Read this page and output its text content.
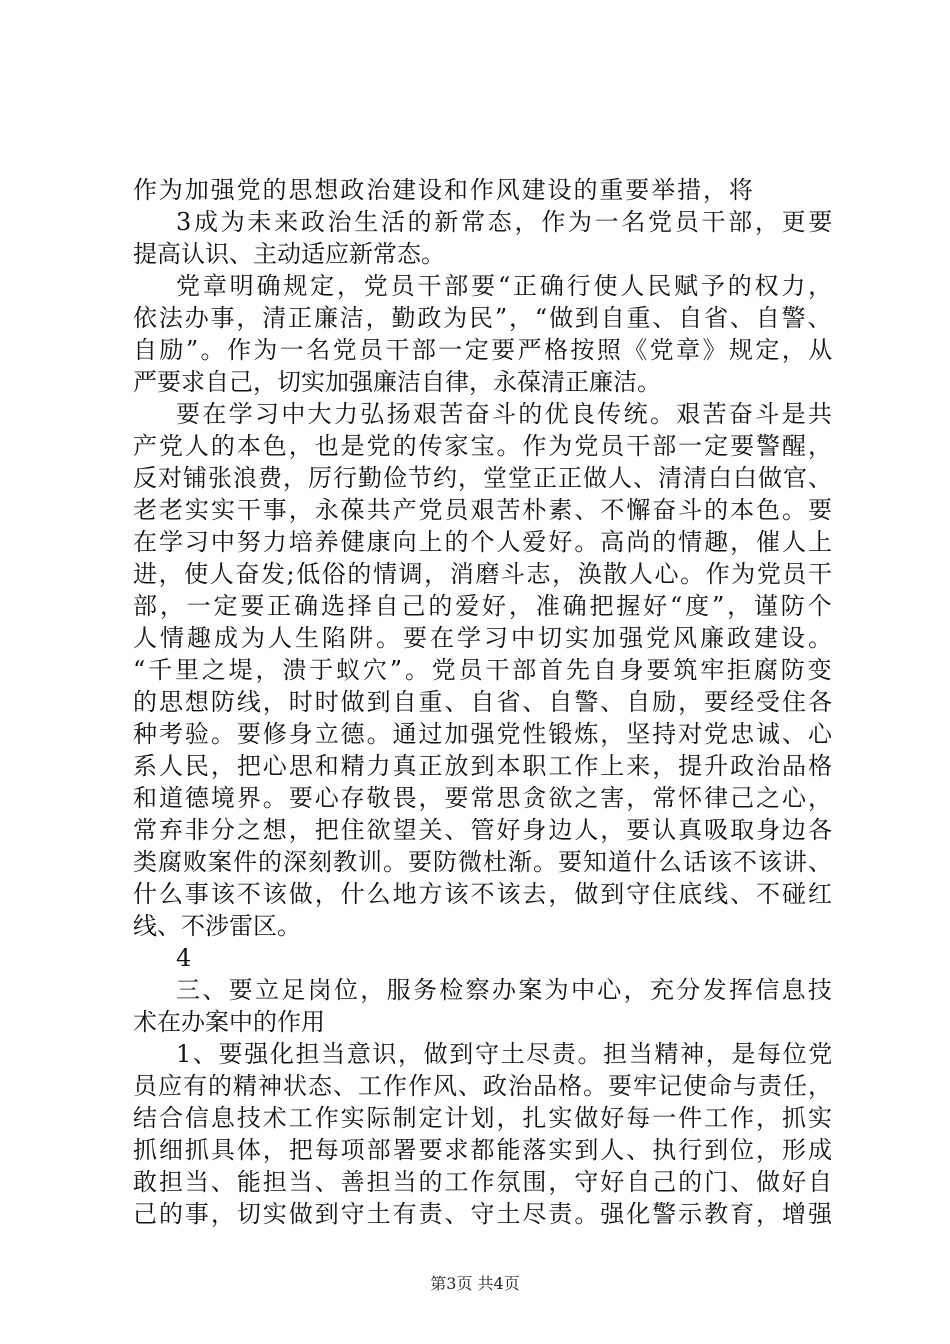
作为加强党的思想政治建设和作风建设的重要举措，将
3成为未来政治生活的新常态，作为一名党员干部，更要
提高认识、主动适应新常态。
党章明确规定，党员干部要“正确行使人民赋予的权力，
依法办事，清正廉洁，勤政为民”，“做到自重、自省、自警、
自励”。作为一名党员干部一定要严格按照《党章》规定，从
严要求自己，切实加强廉洁自律，永葆清正廉洁。
要在学习中大力弘扬艰苦奋斗的优良传统。艰苦奋斗是共
产党人的本色，也是党的传家宝。作为党员干部一定要警醒，
反对铺张浪费，厉行勤俭节约，堂堂正正做人、清清白白做官、
老老实实干事，永葆共产党员艰苦朴素、不懈奋斗的本色。要
在学习中努力培养健康向上的个人爱好。高尚的情趣，催人上
进，使人奋发;低俗的情调，消磨斗志，涣散人心。作为党员干
部，一定要正确选择自己的爱好，准确把握好“度”，谨防个
人情趣成为人生陷阱。要在学习中切实加强党风廉政建设。
“千里之堤，溃于蚁穴”。党员干部首先自身要筑牢拒腐防变
的思想防线，时时做到自重、自省、自警、自励，要经受住各
种考验。要修身立德。通过加强党性锻炼，坚持对党忠诚、心
系人民，把心思和精力真正放到本职工作上来，提升政治品格
和道德境界。要心存敬畏，要常思贪欲之害，常怀律己之心，
常弃非分之想，把住欲望关、管好身边人，要认真吸取身边各
类腐败案件的深刻教训。要防微杜渐。要知道什么话该不该讲、
什么事该不该做，什么地方该不该去，做到守住底线、不碰红
线、不涉雷区。
4
三、要立足岗位，服务检察办案为中心，充分发挥信息技
术在办案中的作用
1、要强化担当意识，做到守土尽责。担当精神，是每位党
员应有的精神状态、工作作风、政治品格。要牢记使命与责任，
结合信息技术工作实际制定计划，扎实做好每一件工作，抓实
抓细抓具体，把每项部署要求都能落实到人、执行到位，形成
敢担当、能担当、善担当的工作氛围，守好自己的门、做好自
己的事，切实做到守土有责、守土尽责。强化警示教育，增强
第3页 共4页
